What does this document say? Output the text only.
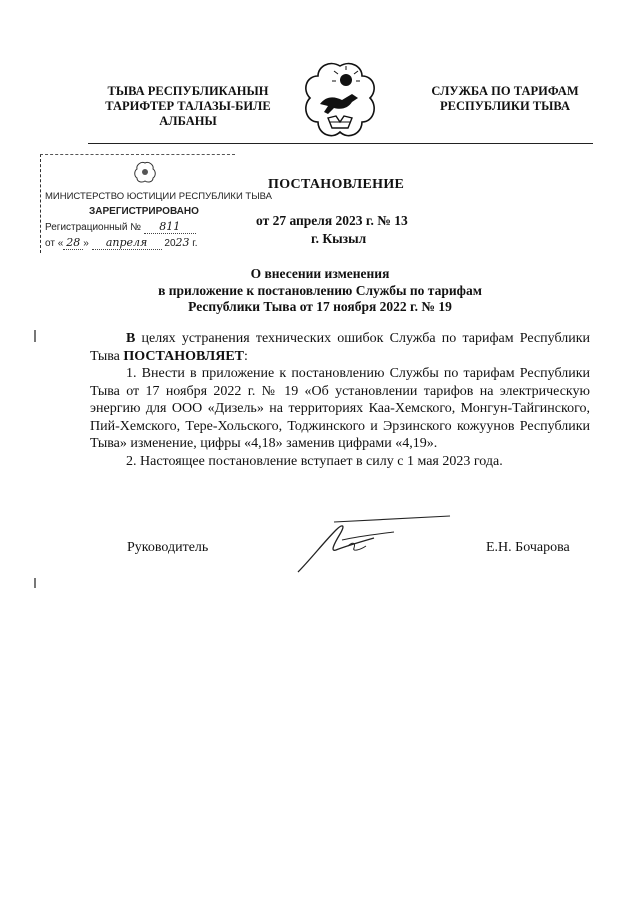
ТЫВА РЕСПУБЛИКАНЫН
ТАРИФТЕР ТАЛАЗЫ-БИЛЕ
АЛБАНЫ
СЛУЖБА ПО ТАРИФАМ
РЕСПУБЛИКИ ТЫВА
МИНИСТЕРСТВО ЮСТИЦИИ РЕСПУБЛИКИ ТЫВА
ЗАРЕГИСТРИРОВАНО
Регистрационный № 811
от « 28 » апреля 2023 г.
ПОСТАНОВЛЕНИЕ
от 27 апреля 2023 г. № 13
г. Кызыл
О внесении изменения
в приложение к постановлению Службы по тарифам
Республики Тыва от 17 ноября 2022 г. № 19

В целях устранения технических ошибок Служба по тарифам Республики Тыва ПОСТАНОВЛЯЕТ:

1. Внести в приложение к постановлению Службы по тарифам Республики Тыва от 17 ноября 2022 г. № 19 «Об установлении тарифов на электрическую энергию для ООО «Дизель» на территориях Каа-Хемского, Монгун-Тайгинского, Пий-Хемского, Тере-Хольского, Тоджинского и Эрзинского кожуунов Республики Тыва» изменение, цифры «4,18» заменив цифрами «4,19».

2. Настоящее постановление вступает в силу с 1 мая 2023 года.

Руководитель	Е.Н. Бочарова
